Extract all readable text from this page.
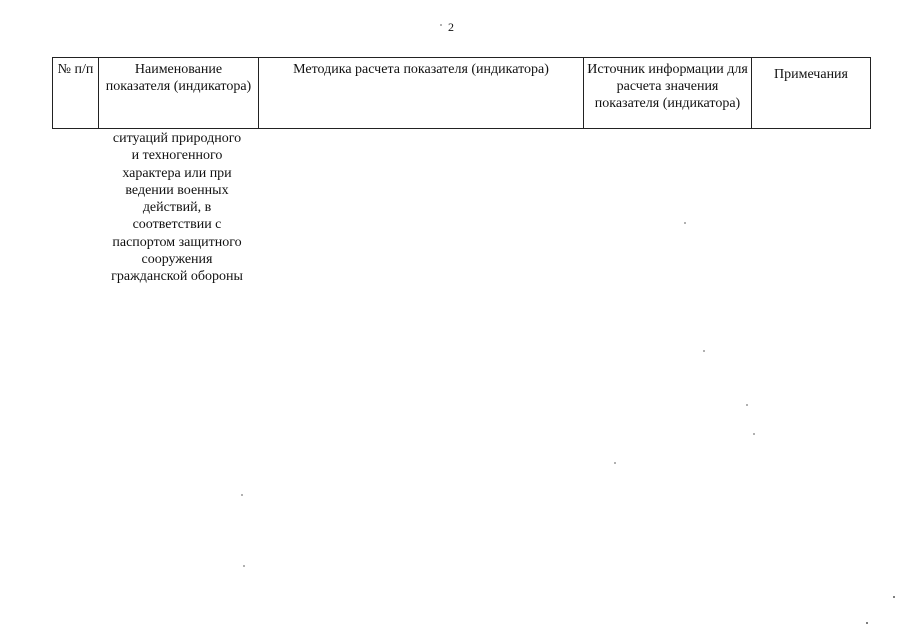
2
№ п/п	Наименование показателя (индикатора)	Методика расчета показателя (индикатора)	Источник информации для расчета значения показателя (индикатора)	Примечания
ситуаций природного
и техногенного
характера или при
ведении военных
действий, в
соответствии с
паспортом защитного
сооружения
гражданской обороны
